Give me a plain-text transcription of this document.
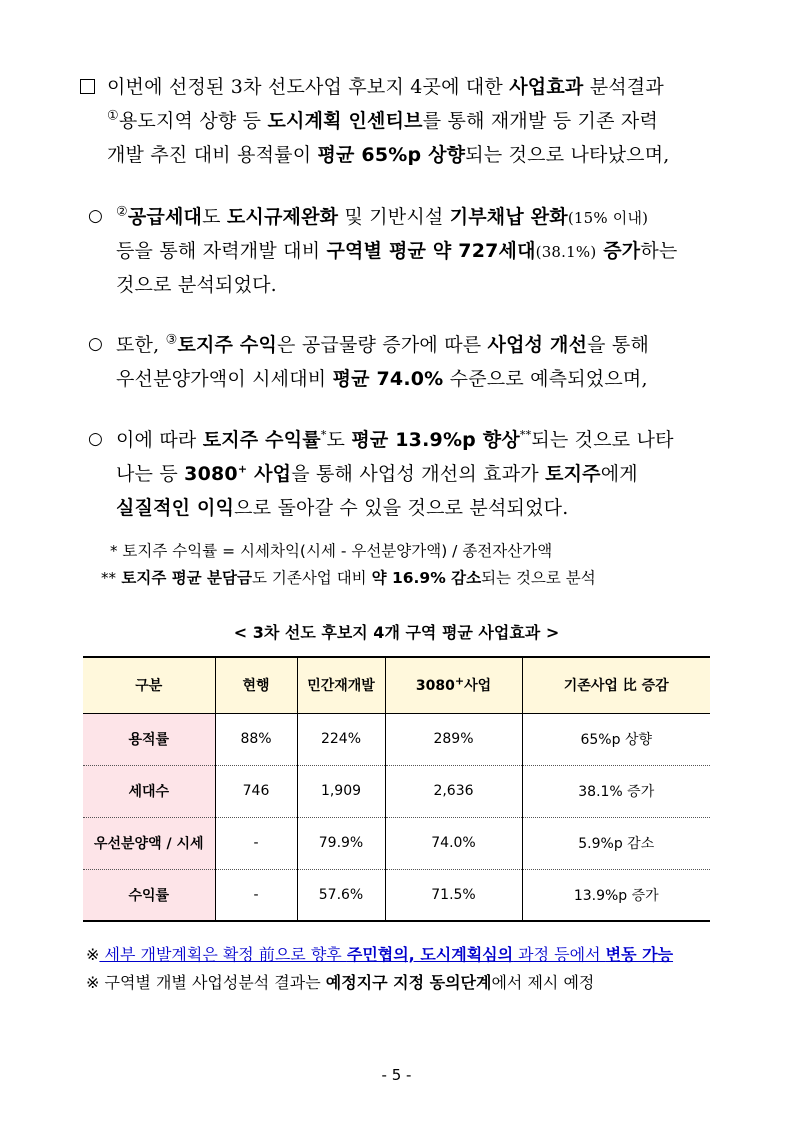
이번에 선정된 3차 선도사업 후보지 4곳에 대한 사업효과 분석결과
①용도지역 상향 등 도시계획 인센티브를 통해 재개발 등 기존 자력
개발 추진 대비 용적률이 평균 65%p 상향되는 것으로 나타났으며,
○ ②공급세대도 도시규제완화 및 기반시설 기부채납 완화(15% 이내)
등을 통해 자력개발 대비 구역별 평균 약 727세대(38.1%) 증가하는
것으로 분석되었다.
○ 또한, ③토지주 수익은 공급물량 증가에 따른 사업성 개선을 통해
우선분양가액이 시세대비 평균 74.0% 수준으로 예측되었으며,
○ 이에 따라 토지주 수익률*도 평균 13.9%p 향상**되는 것으로 나타
나는 등 3080+ 사업을 통해 사업성 개선의 효과가 토지주에게
실질적인 이익으로 돌아갈 수 있을 것으로 분석되었다.
* 토지주 수익률 = 시세차익(시세 - 우선분양가액) / 종전자산가액
** 토지주 평균 분담금도 기존사업 대비 약 16.9% 감소되는 것으로 분석
< 3차 선도 후보지 4개 구역 평균 사업효과 >
구분	현행	민간재개발	3080+사업	기존사업 比 증감
용적률	88%	224%	289%	65%p 상향
세대수	746	1,909	2,636	38.1% 증가
우선분양액 / 시세	-	79.9%	74.0%	5.9%p 감소
수익률	-	57.6%	71.5%	13.9%p 증가
※ 세부 개발계획은 확정 前으로 향후 주민협의, 도시계획심의 과정 등에서 변동 가능
※ 구역별 개별 사업성분석 결과는 예정지구 지정 동의단계에서 제시 예정
- 5 -
